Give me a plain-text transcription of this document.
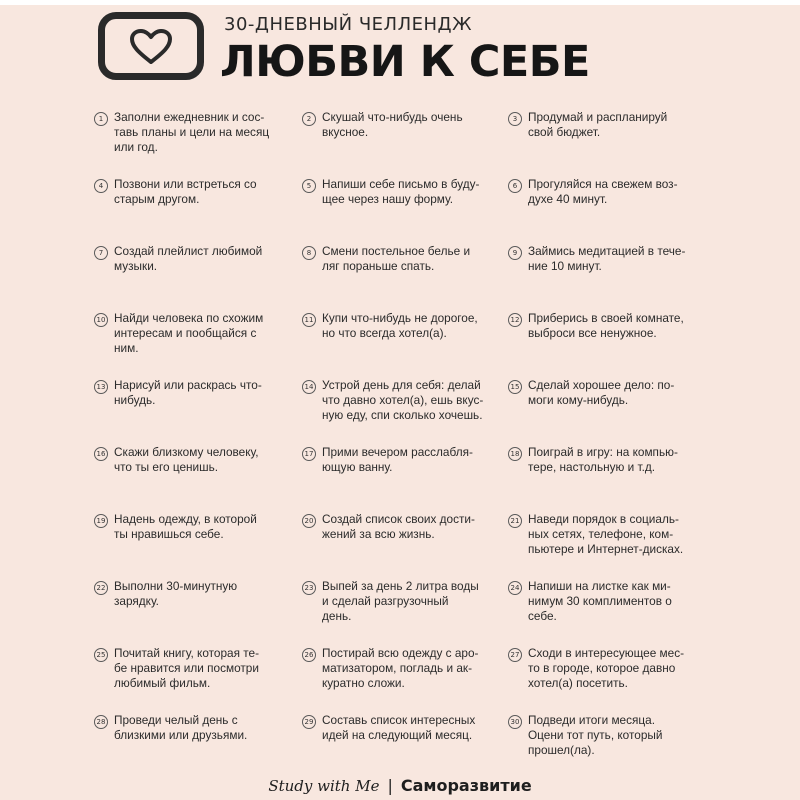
30-ДНЕВНЫЙ ЧЕЛЛЕНДЖ
ЛЮБВИ К СЕБЕ
1 Заполни ежедневник и сос-
тавь планы и цели на месяц
или год.
2 Скушай что-нибудь очень
вкусное.
3 Продумай и распланируй
свой бюджет.
4 Позвони или встреться со
старым другом.
5 Напиши себе письмо в буду-
щее через нашу форму.
6 Прогуляйся на свежем воз-
духе 40 минут.
7 Создай плейлист любимой
музыки.
8 Смени постельное белье и
ляг пораньше спать.
9 Займись медитацией в тече-
ние 10 минут.
10 Найди человека по схожим
интересам и пообщайся с
ним.
11 Купи что-нибудь не дорогое,
но что всегда хотел(а).
12 Приберись в своей комнате,
выброси все ненужное.
13 Нарисуй или раскрась что-
нибудь.
14 Устрой день для себя: делай
что давно хотел(а), ешь вкус-
ную еду, спи сколько хочешь.
15 Сделай хорошее дело: по-
моги кому-нибудь.
16 Скажи близкому человеку,
что ты его ценишь.
17 Прими вечером расслабля-
ющую ванну.
18 Поиграй в игру: на компью-
тере, настольную и т.д.
19 Надень одежду, в которой
ты нравишься себе.
20 Создай список своих дости-
жений за всю жизнь.
21 Наведи порядок в социаль-
ных сетях, телефоне, ком-
пьютере и Интернет-дисках.
22 Выполни 30-минутную
зарядку.
23 Выпей за день 2 литра воды
и сделай разгрузочный
день.
24 Напиши на листке как ми-
нимум 30 комплиментов о
себе.
25 Почитай книгу, которая те-
бе нравится или посмотри
любимый фильм.
26 Постирай всю одежду с аро-
матизатором, погладь и ак-
куратно сложи.
27 Сходи в интересующее мес-
то в городе, которое давно
хотел(а) посетить.
28 Проведи челый день с
близкими или друзьями.
29 Составь список интересных
идей на следующий месяц.
30 Подведи итоги месяца.
Оцени тот путь, который
прошел(ла).
Study with Me | Саморазвитие
